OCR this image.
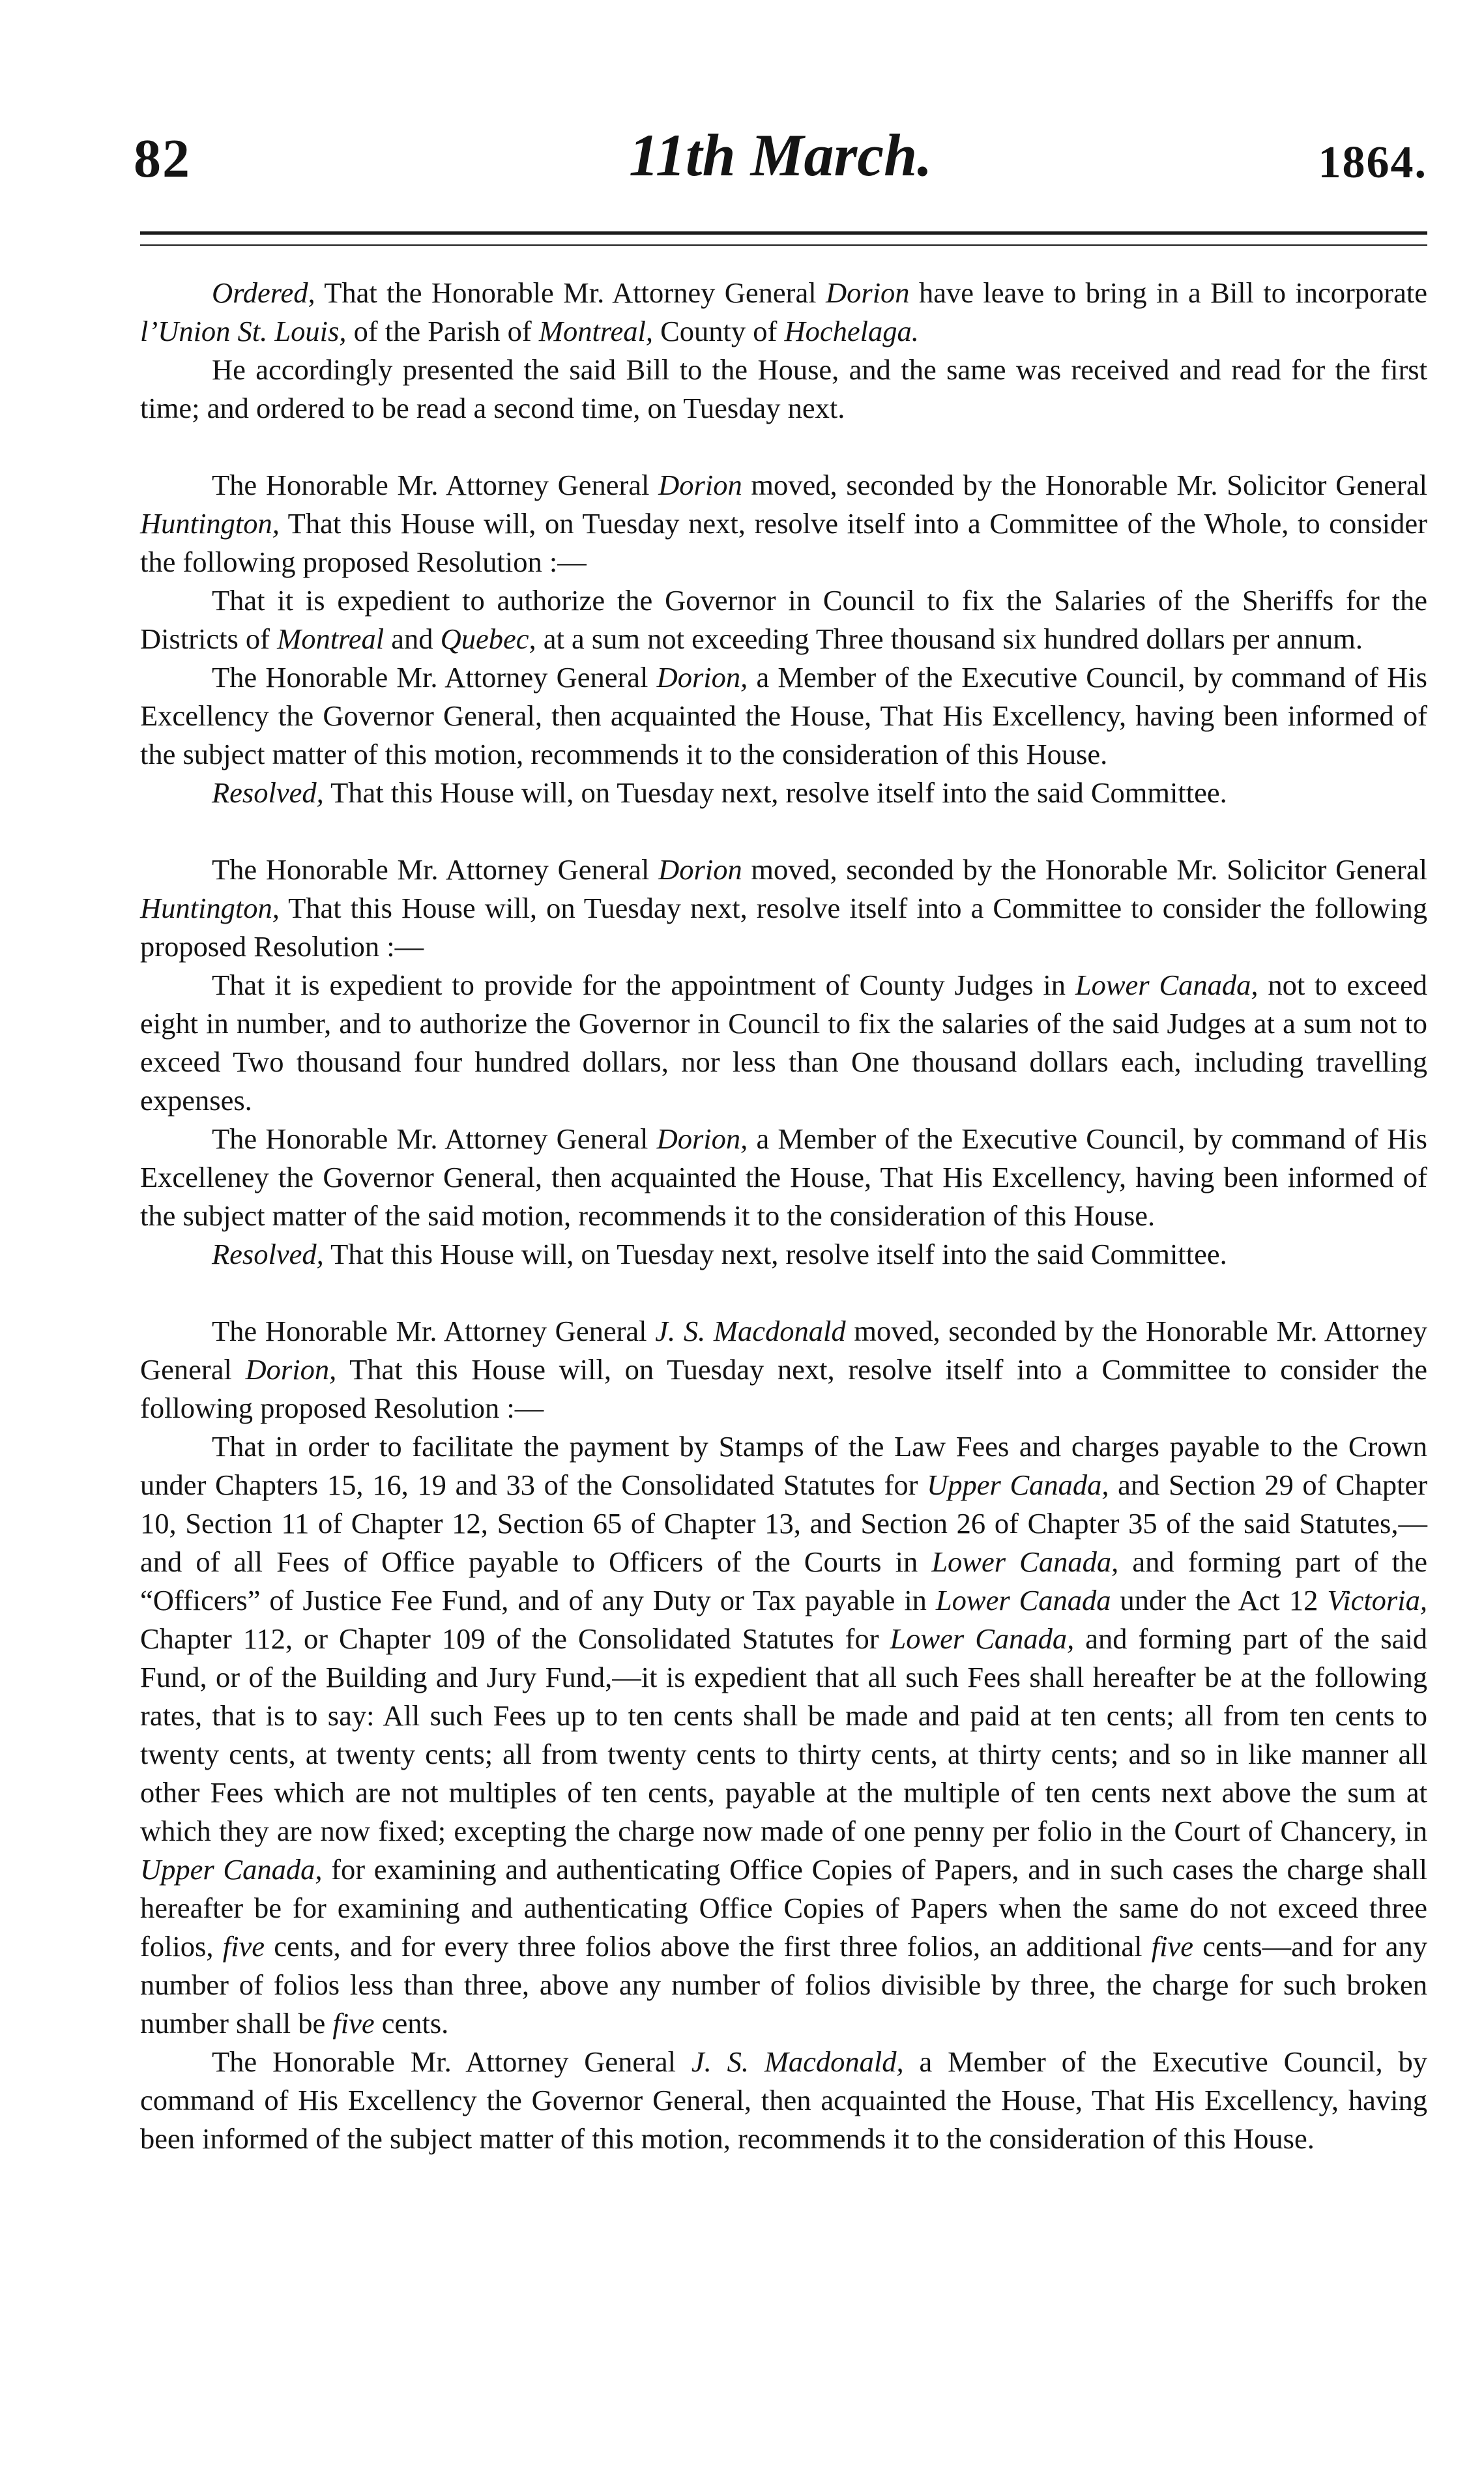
82	11th March.	1864.

Ordered, That the Honorable Mr. Attorney General Dorion have leave to bring in a Bill to incorporate l’Union St. Louis, of the Parish of Montreal, County of Hochelaga.

He accordingly presented the said Bill to the House, and the same was received and read for the first time; and ordered to be read a second time, on Tuesday next.

The Honorable Mr. Attorney General Dorion moved, seconded by the Honorable Mr. Solicitor General Huntington, That this House will, on Tuesday next, resolve itself into a Committee of the Whole, to consider the following proposed Resolution :—

That it is expedient to authorize the Governor in Council to fix the Salaries of the Sheriffs for the Districts of Montreal and Quebec, at a sum not exceeding Three thousand six hundred dollars per annum.

The Honorable Mr. Attorney General Dorion, a Member of the Executive Council, by command of His Excellency the Governor General, then acquainted the House, That His Excellency, having been informed of the subject matter of this motion, recommends it to the consideration of this House.

Resolved, That this House will, on Tuesday next, resolve itself into the said Committee.

The Honorable Mr. Attorney General Dorion moved, seconded by the Honorable Mr. Solicitor General Huntington, That this House will, on Tuesday next, resolve itself into a Committee to consider the following proposed Resolution :—

That it is expedient to provide for the appointment of County Judges in Lower Canada, not to exceed eight in number, and to authorize the Governor in Council to fix the salaries of the said Judges at a sum not to exceed Two thousand four hundred dollars, nor less than One thousand dollars each, including travelling expenses.

The Honorable Mr. Attorney General Dorion, a Member of the Executive Council, by command of His Excelleney the Governor General, then acquainted the House, That His Excellency, having been informed of the subject matter of the said motion, recommends it to the consideration of this House.

Resolved, That this House will, on Tuesday next, resolve itself into the said Committee.

The Honorable Mr. Attorney General J. S. Macdonald moved, seconded by the Honorable Mr. Attorney General Dorion, That this House will, on Tuesday next, resolve itself into a Committee to consider the following proposed Resolution :—

That in order to facilitate the payment by Stamps of the Law Fees and charges payable to the Crown under Chapters 15, 16, 19 and 33 of the Consolidated Statutes for Upper Canada, and Section 29 of Chapter 10, Section 11 of Chapter 12, Section 65 of Chapter 13, and Section 26 of Chapter 35 of the said Statutes,—and of all Fees of Office payable to Officers of the Courts in Lower Canada, and forming part of the “Officers” of Justice Fee Fund, and of any Duty or Tax payable in Lower Canada under the Act 12 Victoria, Chapter 112, or Chapter 109 of the Consolidated Statutes for Lower Canada, and forming part of the said Fund, or of the Building and Jury Fund,—it is expedient that all such Fees shall hereafter be at the following rates, that is to say: All such Fees up to ten cents shall be made and paid at ten cents; all from ten cents to twenty cents, at twenty cents; all from twenty cents to thirty cents, at thirty cents; and so in like manner all other Fees which are not multiples of ten cents, payable at the multiple of ten cents next above the sum at which they are now fixed; excepting the charge now made of one penny per folio in the Court of Chancery, in Upper Canada, for examining and authenticating Office Copies of Papers, and in such cases the charge shall hereafter be for examining and authenticating Office Copies of Papers when the same do not exceed three folios, five cents, and for every three folios above the first three folios, an additional five cents—and for any number of folios less than three, above any number of folios divisible by three, the charge for such broken number shall be five cents.

The Honorable Mr. Attorney General J. S. Macdonald, a Member of the Executive Council, by command of His Excellency the Governor General, then acquainted the House, That His Excellency, having been informed of the subject matter of this motion, recommends it to the consideration of this House.
